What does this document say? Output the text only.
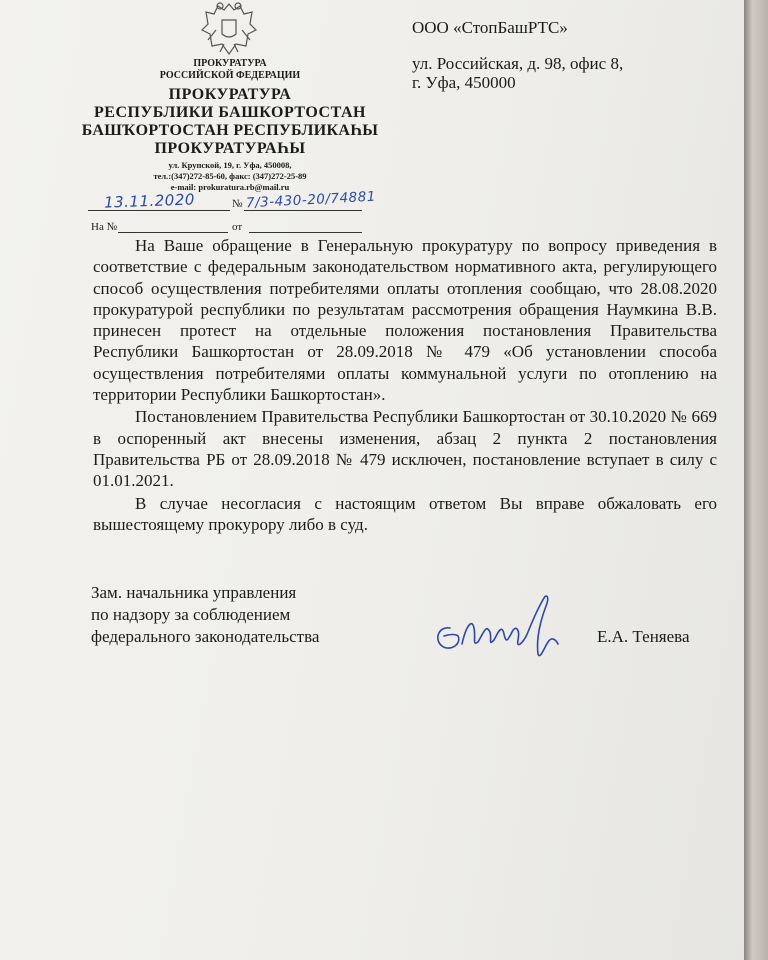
ПРОКУРАТУРА
РОССИЙСКОЙ ФЕДЕРАЦИИ
ПРОКУРАТУРА
РЕСПУБЛИКИ БАШКОРТОСТАН
БАШҠОРТОСТАН РЕСПУБЛИКАҺЫ
ПРОКУРАТУРАҺЫ
ул. Крупской, 19, г. Уфа, 450008,
тел.:(347)272-85-60, факс: (347)272-25-89
e-mail: prokuratura.rb@mail.ru
13.11.2020	№ 7/3-430-20/74881
На №	от
ООО «СтопБашРТС»
ул. Российская, д. 98, офис 8,
г. Уфа, 450000

На Ваше обращение в Генеральную прокуратуру по вопросу приведения в соответствие с федеральным законодательством нормативного акта, регулирующего способ осуществления потребителями оплаты отопления сообщаю, что 28.08.2020 прокуратурой республики по результатам рассмотрения обращения Наумкина В.В. принесен протест на отдельные положения постановления Правительства Республики Башкортостан от 28.09.2018 № 479 «Об установлении способа осуществления потребителями оплаты коммунальной услуги по отоплению на территории Республики Башкортостан».

Постановлением Правительства Республики Башкортостан от 30.10.2020 № 669 в оспоренный акт внесены изменения, абзац 2 пункта 2 постановления Правительства РБ от 28.09.2018 № 479 исключен, постановление вступает в силу с 01.01.2021.

В случае несогласия с настоящим ответом Вы вправе обжаловать его вышестоящему прокурору либо в суд.

Зам. начальника управления
по надзору за соблюдением
федерального законодательства	Е.А. Теняева
